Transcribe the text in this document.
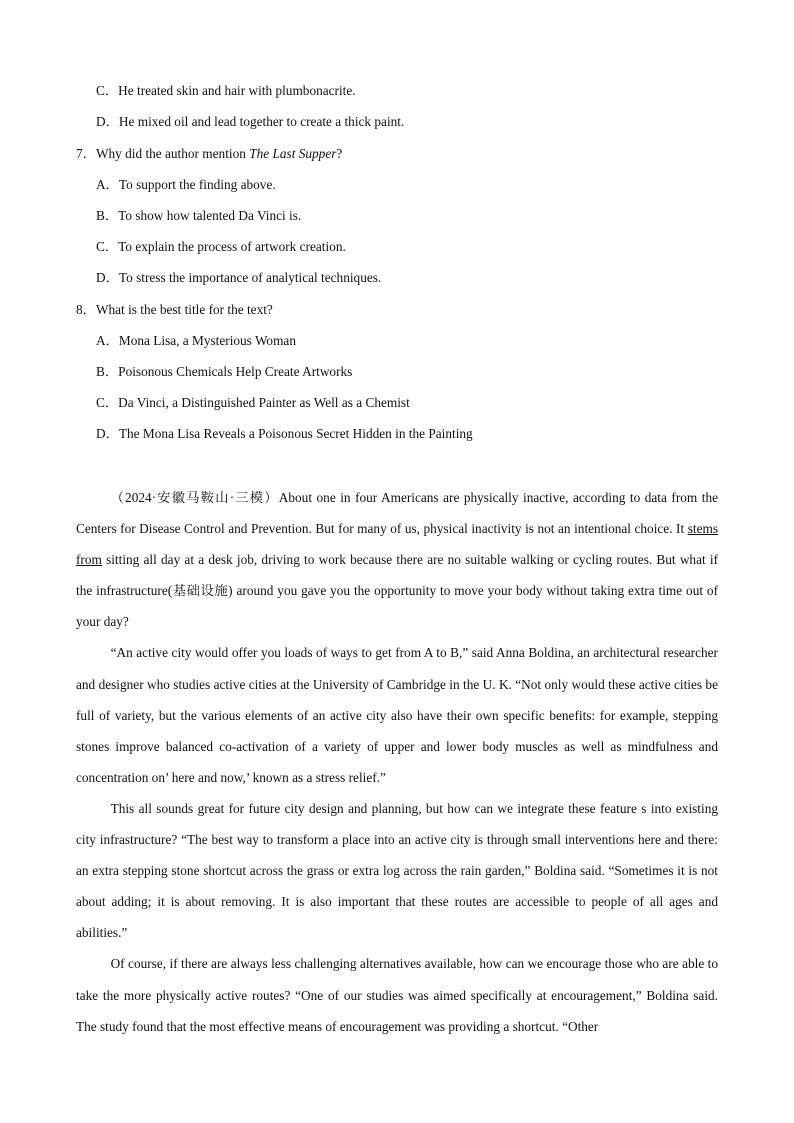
C．He treated skin and hair with plumbonacrite.
D．He mixed oil and lead together to create a thick paint.
7．Why did the author mention The Last Supper?
A．To support the finding above.
B．To show how talented Da Vinci is.
C．To explain the process of artwork creation.
D．To stress the importance of analytical techniques.
8．What is the best title for the text?
A．Mona Lisa, a Mysterious Woman
B．Poisonous Chemicals Help Create Artworks
C．Da Vinci, a Distinguished Painter as Well as a Chemist
D．The Mona Lisa Reveals a Poisonous Secret Hidden in the Painting

（2024·安徽马鞍山·三模）About one in four Americans are physically inactive, according to data from the Centers for Disease Control and Prevention. But for many of us, physical inactivity is not an intentional choice. It stems from sitting all day at a desk job, driving to work because there are no suitable walking or cycling routes. But what if the infrastructure(基础设施) around you gave you the opportunity to move your body without taking extra time out of your day?

“An active city would offer you loads of ways to get from A to B,” said Anna Boldina, an architectural researcher and designer who studies active cities at the University of Cambridge in the U. K. “Not only would these active cities be full of variety, but the various elements of an active city also have their own specific benefits: for example, stepping stones improve balanced co-activation of a variety of upper and lower body muscles as well as mindfulness and concentration on’ here and now,’ known as a stress relief.”

This all sounds great for future city design and planning, but how can we integrate these feature s into existing city infrastructure? “The best way to transform a place into an active city is through small interventions here and there: an extra stepping stone shortcut across the grass or extra log across the rain garden,” Boldina said. “Sometimes it is not about adding; it is about removing. It is also important that these routes are accessible to people of all ages and abilities.”

Of course, if there are always less challenging alternatives available, how can we encourage those who are able to take the more physically active routes? “One of our studies was aimed specifically at encouragement,” Boldina said. The study found that the most effective means of encouragement was providing a shortcut. “Other
